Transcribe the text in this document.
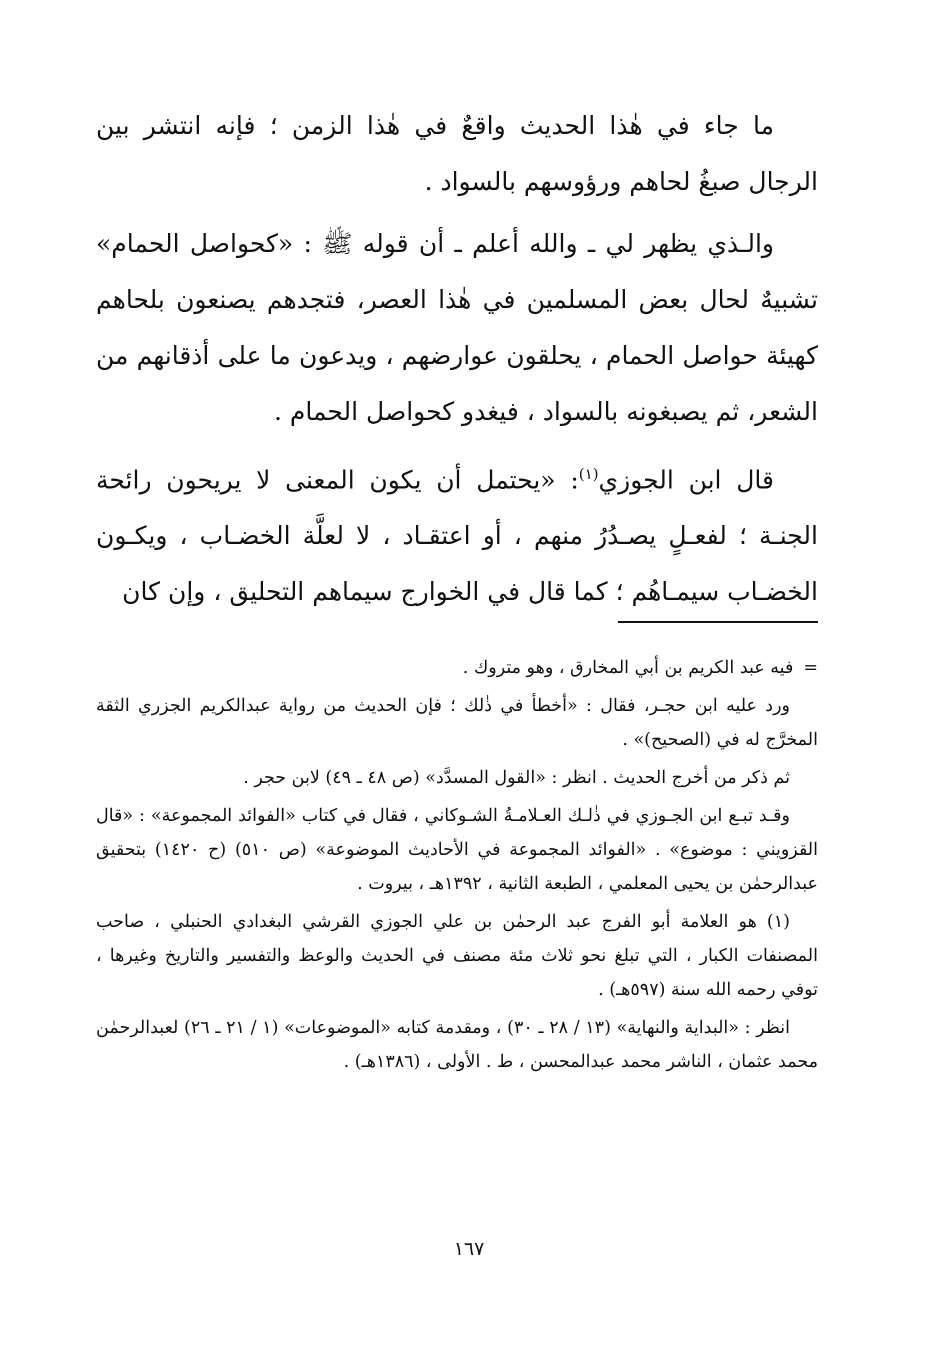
ما جاء في هٰذا الحديث واقعٌ في هٰذا الزمن ؛ فإنه انتشر بين الرجال صبغُ لحاهم ورؤوسهم بالسواد .

والـذي يظهر لي ـ والله أعلم ـ أن قوله ﷺ : «كحواصل الحمام» تشبيهٌ لحال بعض المسلمين في هٰذا العصر، فتجدهم يصنعون بلحاهم كهيئة حواصل الحمام ، يحلقون عوارضهم ، ويدعون ما على أذقانهم من الشعر، ثم يصبغونه بالسواد ، فيغدو كحواصل الحمام .

قال ابن الجوزي$^{(١)}$: «يحتمل أن يكون المعنى لا يريحون رائحة الجنـة ؛ لفعـلٍ يصـدُرُ منهم ، أو اعتقـاد ، لا لعلَّة الخضـاب ، ويكـون الخضـاب سيمـاهُم ؛ كما قال في الخوارج سيماهم التحليق ، وإن كان

=فيه عبد الكريم بن أبي المخارق ، وهو متروك .

ورد عليه ابن حجـر، فقال : «أخطأ في ذٰلك ؛ فإن الحديث من رواية عبدالكريم الجزري الثقة المخرَّج له في (الصحيح)» .

ثم ذكر من أخرج الحديث . انظر : «القول المسدَّد» (ص ٤٨ ـ ٤٩) لابن حجر .

وقـد تبـع ابن الجـوزي في ذٰلـك العـلامـةُ الشـوكاني ، فقال في كتاب «الفوائد المجموعة» : «قال القزويني : موضوع» . «الفوائد المجموعة في الأحاديث الموضوعة» (ص ٥١٠) (ح ١٤٢٠) بتحقيق عبدالرحمٰن بن يحيى المعلمي ، الطبعة الثانية ، ١٣٩٢هـ ، بيروت .

(١) هو العلامة أبو الفرج عبد الرحمٰن بن علي الجوزي القرشي البغدادي الحنبلي ، صاحب المصنفات الكبار ، التي تبلغ نحو ثلاث مئة مصنف في الحديث والوعظ والتفسير والتاريخ وغيرها ، توفي رحمه الله سنة (٥٩٧هـ) .

انظر : «البداية والنهاية» (١٣ / ٢٨ ـ ٣٠) ، ومقدمة كتابه «الموضوعات» (١ / ٢١ ـ ٢٦) لعبدالرحمٰن محمد عثمان ، الناشر محمد عبدالمحسن ، ط . الأولى ، (١٣٨٦هـ) .

١٦٧
